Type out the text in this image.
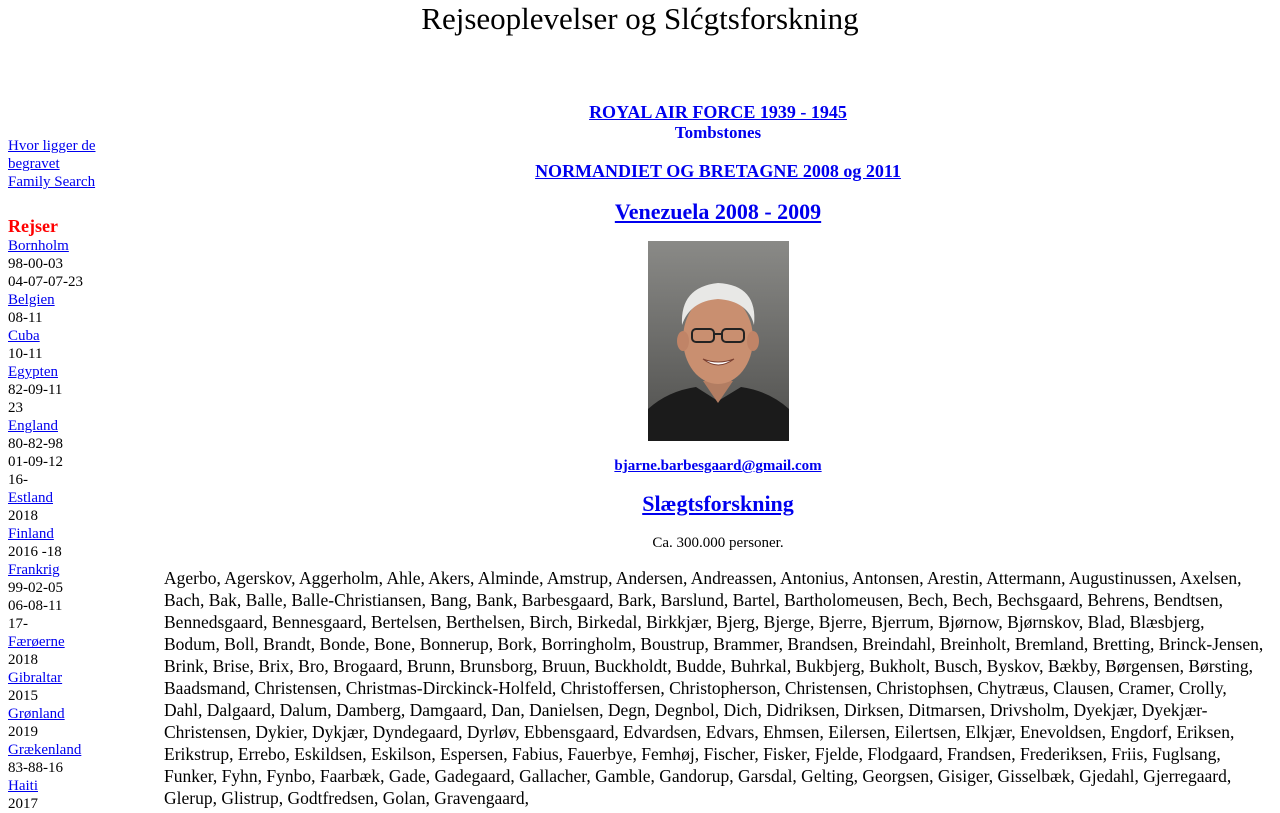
Rejseoplevelser og Slćgtsforskning
Hvor ligger de begravet
Family Search
Rejser
Bornholm
98-00-03
04-07-07-23
Belgien
08-11
Cuba
10-11
Egypten
82-09-11
23
England
80-82-98
01-09-12
16-
Estland
2018
Finland
2016 -18
Frankrig
99-02-05
06-08-11
17-
Færøerne
2018
Gibraltar
2015
Grønland
2019
Grækenland
83-88-16
Haiti
2017
ROYAL AIR FORCE 1939 - 1945
Tombstones
NORMANDIET OG BRETAGNE 2008 og 2011
Venezuela 2008 - 2009
bjarne.barbesgaard@gmail.com
Slægtsforskning
Ca. 300.000 personer.

Agerbo, Agerskov, Aggerholm, Ahle, Akers, Alminde, Amstrup, Andersen, Andreassen, Antonius, Antonsen, Arestin, Attermann, Augustinussen, Axelsen, Bach, Bak, Balle, Balle-Christiansen, Bang, Bank, Barbesgaard, Bark, Barslund, Bartel, Bartholomeusen, Bech, Bech, Bechsgaard, Behrens, Bendtsen, Bennedsgaard, Bennesgaard, Bertelsen, Berthelsen, Birch, Birkedal, Birkkjær, Bjerg, Bjerge, Bjerre, Bjerrum, Bjørnow, Bjørnskov, Blad, Blæsbjerg, Bodum, Boll, Brandt, Bonde, Bone, Bonnerup, Bork, Borringholm, Boustrup, Brammer, Brandsen, Breindahl, Breinholt, Bremland, Bretting, Brinck-Jensen, Brink, Brise, Brix, Bro, Brogaard, Brunn, Brunsborg, Bruun, Buckholdt, Budde, Buhrkal, Bukbjerg, Bukholt, Busch, Byskov, Bækby, Børgensen, Børsting, Baadsmand, Christensen, Christmas-Dirckinck-Holfeld, Christoffersen, Christopherson, Christensen, Christophsen, Chytræus, Clausen, Cramer, Crolly, Dahl, Dalgaard, Dalum, Damberg, Damgaard, Dan, Danielsen, Degn, Degnbol, Dich, Didriksen, Dirksen, Ditmarsen, Drivsholm, Dyekjær, Dyekjær-Christensen, Dykier, Dykjær, Dyndegaard, Dyrløv, Ebbensgaard, Edvardsen, Edvars, Ehmsen, Eilersen, Eilertsen, Elkjær, Enevoldsen, Engdorf, Eriksen, Erikstrup, Errebo, Eskildsen, Eskilson, Espersen, Fabius, Fauerbye, Femhøj, Fischer, Fisker, Fjelde, Flodgaard, Frandsen, Frederiksen, Friis, Fuglsang, Funker, Fyhn, Fynbo, Faarbæk, Gade, Gadegaard, Gallacher, Gamble, Gandorup, Garsdal, Gelting, Georgsen, Gisiger, Gisselbæk, Gjedahl, Gjerregaard, Glerup, Glistrup, Godtfredsen, Golan, Gravengaard,
